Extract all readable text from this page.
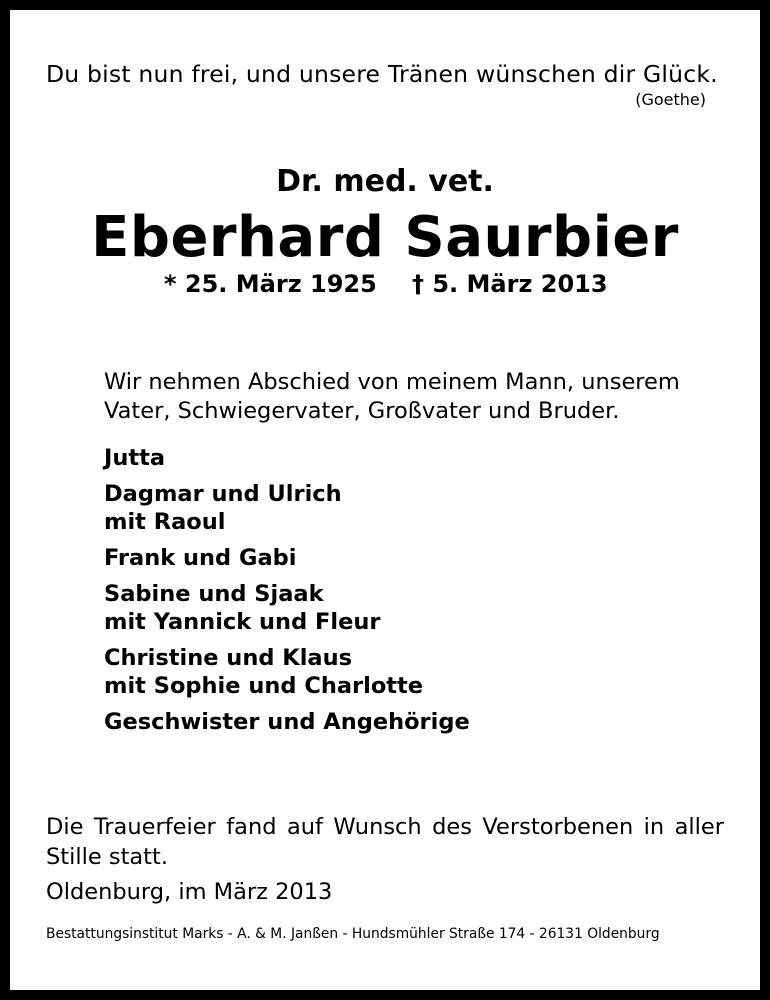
Du bist nun frei, und unsere Tränen wünschen dir Glück.
(Goethe)
Dr. med. vet.
Eberhard Saurbier
* 25. März 1925 † 5. März 2013
Wir nehmen Abschied von meinem Mann, unserem
Vater, Schwiegervater, Großvater und Bruder.
Jutta
Dagmar und Ulrich
mit Raoul
Frank und Gabi
Sabine und Sjaak
mit Yannick und Fleur
Christine und Klaus
mit Sophie und Charlotte
Geschwister und Angehörige
Die Trauerfeier fand auf Wunsch des Verstorbenen in aller Stille statt.
Oldenburg, im März 2013
Bestattungsinstitut Marks - A. & M. Janßen - Hundsmühler Straße 174 - 26131 Oldenburg
